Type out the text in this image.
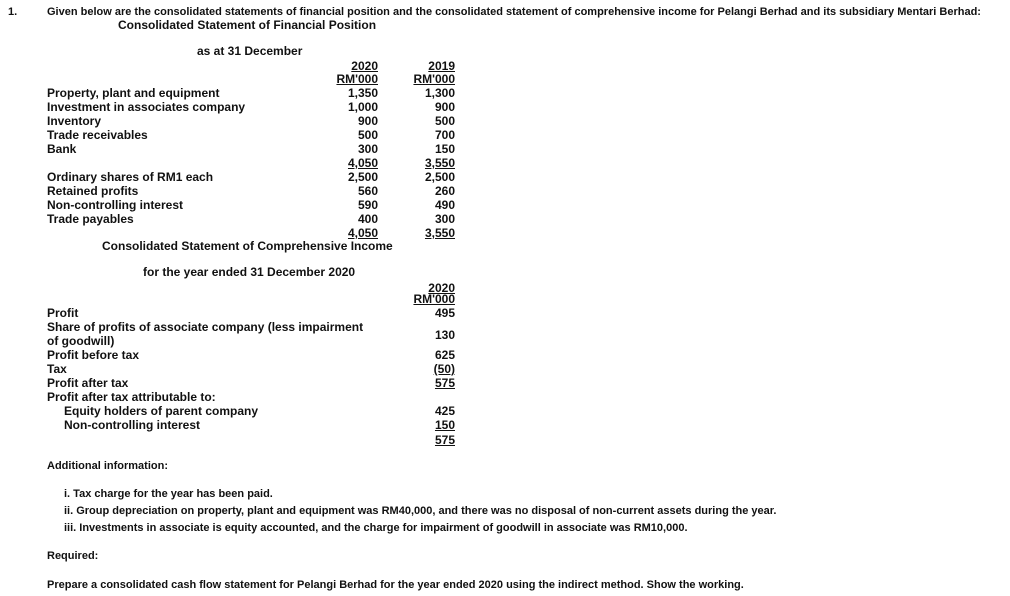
1.	Given below are the consolidated statements of financial position and the consolidated statement of comprehensive income for Pelangi Berhad and its subsidiary Mentari Berhad:
Consolidated Statement of Financial Position
as at 31 December
2020	2019
RM'000	RM'000
Property, plant and equipment	1,350	1,300
Investment in associates company	1,000	900
Inventory	900	500
Trade receivables	500	700
Bank	300	150
4,050	3,550
Ordinary shares of RM1 each	2,500	2,500
Retained profits	560	260
Non-controlling interest	590	490
Trade payables	400	300
4,050	3,550
Consolidated Statement of Comprehensive Income
for the year ended 31 December 2020
2020
RM'000
Profit	495
Share of profits of associate company (less impairment
of goodwill)	130
Profit before tax	625
Tax	(50)
Profit after tax	575
Profit after tax attributable to:
Equity holders of parent company	425
Non-controlling interest	150
575
Additional information:
i. Tax charge for the year has been paid.
ii. Group depreciation on property, plant and equipment was RM40,000, and there was no disposal of non-current assets during the year.
iii. Investments in associate is equity accounted, and the charge for impairment of goodwill in associate was RM10,000.
Required:
Prepare a consolidated cash flow statement for Pelangi Berhad for the year ended 2020 using the indirect method. Show the working.
